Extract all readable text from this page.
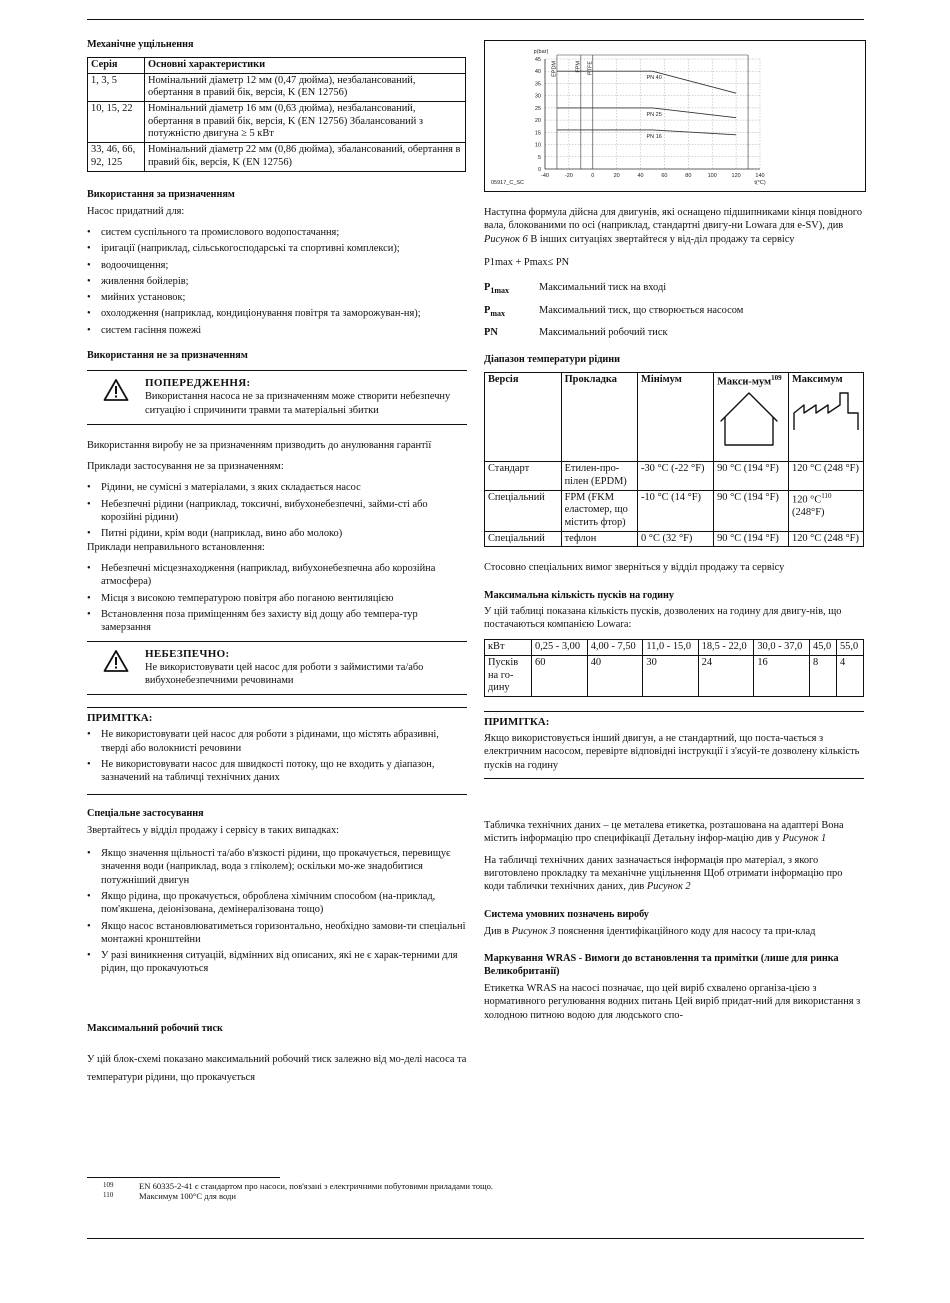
Механічне ущільнення
Серія	Основні характеристики
1, 3, 5	Номінальний діаметр 12 мм (0,47 дюйма), незбалансований, обертання в правий бік, версія, K (EN 12756)
10, 15, 22	Номінальний діаметр 16 мм (0,63 дюйма), незбалансований, обертання в правий бік, версія, K (EN 12756) Збалансований з потужністю двигуна ≥ 5 кВт
33, 46, 66, 92, 125	Номінальний діаметр 22 мм (0,86 дюйма), збалансований, обертання в правий бік, версія, K (EN 12756)
Використання за призначенням

Насос придатний для:

• систем суспільного та промислового водопостачання;
• іригації (наприклад, сільськогосподарські та спортивні комплекси);
• водоочищення;
• живлення бойлерів;
• мийних установок;
• охолодження (наприклад, кондиціонування повітря та заморожуван-ня);
• систем гасіння пожежі
Використання не за призначенням
ПОПЕРЕДЖЕННЯ:

Використання насоса не за призначенням може створити небезпечну ситуацію і спричинити травми та матеріальні збитки

Використання виробу не за призначенням призводить до анулювання гарантії

Приклади застосування не за призначенням:

• Рідини, не сумісні з матеріалами, з яких складається насос
• Небезпечні рідини (наприклад, токсичні, вибухонебезпечні, займи-сті або корозійні рідини)
• Питні рідини, крім води (наприклад, вино або молоко)

Приклади неправильного встановлення:

• Небезпечні місцезнаходження (наприклад, вибухонебезпечна або корозійна атмосфера)
• Місця з високою температурою повітря або поганою вентиляцією
• Встановлення поза приміщенням без захисту від дощу або темпера-тур замерзання
НЕБЕЗПЕЧНО:

Не використовувати цей насос для роботи з займистими та/або вибухонебезпечними речовинами

ПРИМІТКА:
• Не використовувати цей насос для роботи з рідинами, що містять абразивні, тверді або волокнисті речовини
• Не використовувати насос для швидкості потоку, що не входить у діапазон, зазначений на табличці технічних даних
Спеціальне застосування

Звертайтесь у відділ продажу і сервісу в таких випадках:

• Якщо значення щільності та/або в'язкості рідини, що прокачується, перевищує значення води (наприклад, вода з гліколем); оскільки мо-же знадобитися потужніший двигун
• Якщо рідина, що прокачується, оброблена хімічним способом (на-приклад, пом'якшена, деіонізована, демінералізована тощо)
• Якщо насос встановлюватиметься горизонтально, необхідно замови-ти спеціальні монтажні кронштейни
• У разі виникнення ситуацій, відмінних від описаних, які не є харак-терними для рідин, що прокачуються
Максимальний робочий тиск

У цій блок-схемі показано максимальний робочий тиск залежно від мо-делі насоса та температури рідини, що прокачується

-40	-20	0	20	40	60	80	100	120	140
0
5
10
15
20
25
30
35
40
45
p(bar)
t(°C)
05917_C_SC
EPDM	FPM PTFE
PN 40
PN 25
PN 16

Наступна формула дійсна для двигунів, які оснащено підшипниками кінця повідного вала, блокованими по осі (наприклад, стандартні двигу-ни Lowara для e-SV), див Рисунок 6 В інших ситуаціях звертайтеся у від-діл продажу та сервісу

P1max + Pmax≤ PN

$P_{1max}$	Максимальний тиск на вході
$P_{max}$	Максимальний тиск, що створюється насосом
PN	Максимальний робочий тиск
Діапазон температури рідини
Версія	Прокладка	Мінімум	Макси-мум$^{109}$	Максимум

Стандарт	Етилен-про-пілен (EPDM)	-30 °C (-22 °F)	90 °C (194 °F)	120 °C (248 °F)
Спеціальний	FPM (FKM еластомер, що містить фтор)	-10 °C (14 °F)	90 °C (194 °F)	120 $^\circ C^{110}$ (248°F)
Спеціальний	тефлон	0 °C (32 °F)	90 °C (194 °F)	120 °C (248 °F)

Стосовно спеціальних вимог зверніться у відділ продажу та сервісу

Максимальна кількість пусків на годину

У цій таблиці показана кількість пусків, дозволених на годину для двигу-нів, що постачаються компанією Lowara:

кВт	0,25 - 3,00	4,00 - 7,50	11,0 - 15,0	18,5 - 22,0	30,0 - 37,0	45,0	55,0
Пусків на го-дину	60	40	30	24	16	8	4
ПРИМІТКА:

Якщо використовується інший двигун, а не стандартний, що поста-чається з електричним насосом, перевірте відповідні інструкції і з'ясуй-те дозволену кількість пусків на годину

Табличка технічних даних – це металева етикетка, розташована на адаптері Вона містить інформацію про специфікації Детальну інфор-мацію див у Рисунок 1

На табличці технічних даних зазначається інформація про матеріал, з якого виготовлено прокладку та механічне ущільнення Щоб отримати інформацію про коди таблички технічних даних, див Рисунок 2

Система умовних позначень виробу

Див в Рисунок 3 пояснення ідентифікаційного коду для насосу та при-клад

Маркування WRAS - Вимоги до встановлення та примітки (лише для ринка Великобританії)

Етикетка WRAS на насосі позначає, що цей виріб схвалено організа-цією з нормативного регулювання водних питань Цей виріб придат-ний для використання з холодною питною водою для людського спо-

109	EN 60335-2-41 є стандартом про насоси, пов'язані з електричними побутовими приладами тощо.
110	Максимум 100°C для води
